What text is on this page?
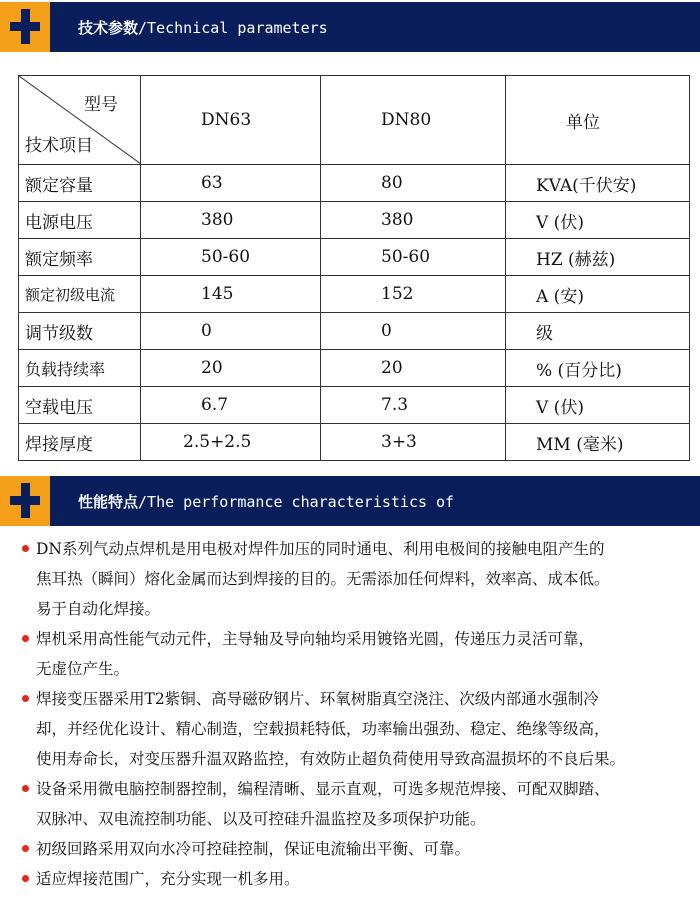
技术参数/Technical parameters
型号
技术项目	DN63	DN80	单位
额定容量	63	80	KVA(千伏安)
电源电压	380	380	V (伏)
额定频率	50-60	50-60	HZ (赫兹)
额定初级电流	145	152	A (安)
调节级数	0	0	级
负载持续率	20	20	% (百分比)
空载电压	6.7	7.3	V (伏)
焊接厚度	2.5+2.5	3+3	MM (毫米)
性能特点/The performance characteristics of
DN系列气动点焊机是用电极对焊件加压的同时通电、利用电极间的接触电阻产生的
焦耳热（瞬间）熔化金属而达到焊接的目的。无需添加任何焊料，效率高、成本低。
易于自动化焊接。
焊机采用高性能气动元件，主导轴及导向轴均采用镀铬光圆，传递压力灵活可靠，
无虚位产生。
焊接变压器采用T2紫铜、高导磁矽钢片、环氧树脂真空浇注、次级内部通水强制冷
却，并经优化设计、精心制造，空载损耗特低，功率输出强劲、稳定、绝缘等级高，
使用寿命长，对变压器升温双路监控，有效防止超负荷使用导致高温损坏的不良后果。
设备采用微电脑控制器控制，编程清晰、显示直观，可选多规范焊接、可配双脚踏、
双脉冲、双电流控制功能、以及可控硅升温监控及多项保护功能。
初级回路采用双向水冷可控硅控制，保证电流输出平衡、可靠。
适应焊接范围广，充分实现一机多用。
